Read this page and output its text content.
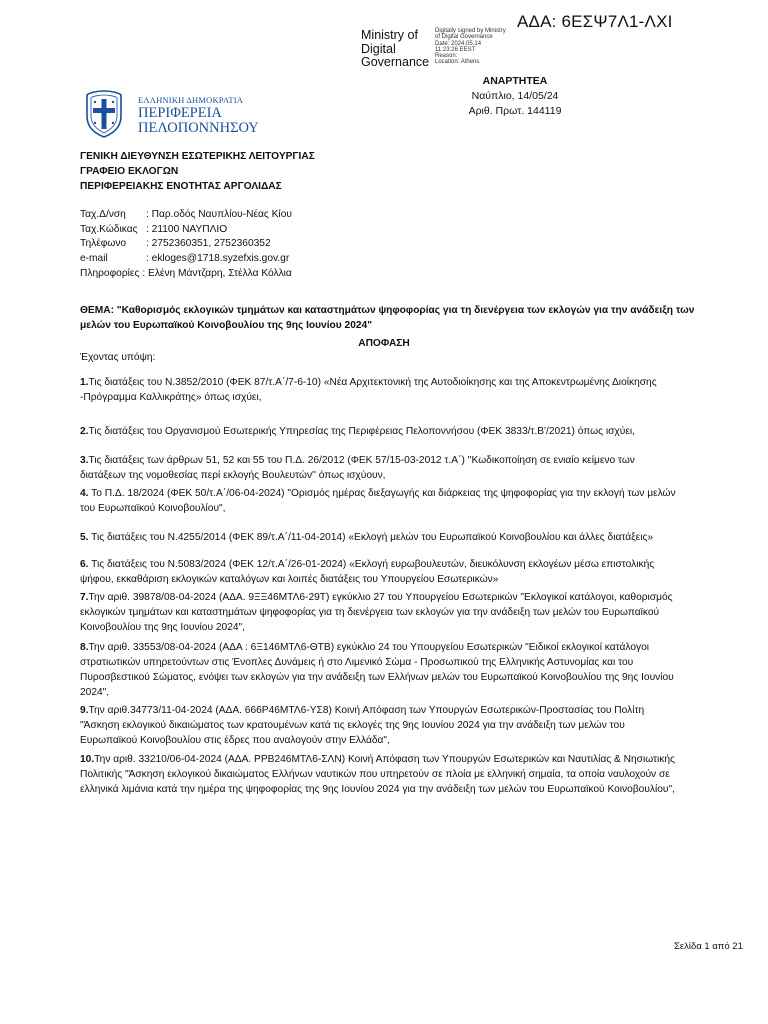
ΑΔΑ: 6ΕΣΨ7Λ1-ΛΧΙ
Ministry of
Digital
Governance
Digitally signed by Ministry
of Digital Governance
Date: 2024.05.14
11:23:26 EEST
Reason:
Location: Athens
ΑΝΑΡΤΗΤΕΑ
Ναύπλιο, 14/05/24
Αριθ. Πρωτ. 144119
ΕΛΛΗΝΙΚΗ ΔΗΜΟΚΡΑΤΙΑ
ΠΕΡΙΦΕΡΕΙΑ
ΠΕΛΟΠΟΝΝΗΣΟΥ
ΓΕΝΙΚΗ ΔΙΕΥΘΥΝΣΗ ΕΣΩΤΕΡΙΚΗΣ ΛΕΙΤΟΥΡΓΙΑΣ
ΓΡΑΦΕΙΟ ΕΚΛΟΓΩΝ
ΠΕΡΙΦΕΡΕΙΑΚΗΣ ΕΝΟΤΗΤΑΣ ΑΡΓΟΛΙΔΑΣ
Ταχ.Δ/νση	: Παρ.οδός Ναυπλίου-Νέας Κίου
Ταχ.Κώδικας : 21100 ΝΑΥΠΛΙΟ
Τηλέφωνο	: 2752360351, 2752360352
e-mail	: ekloges@1718.syzefxis.gov.gr
Πληροφορίες : Ελένη Μάντζαρη, Στέλλα Κόλλια
ΘΕΜΑ: "Καθορισμός εκλογικών τμημάτων και καταστημάτων ψηφοφορίας για τη διενέργεια των εκλογών για την ανάδειξη των μελών του Ευρωπαϊκού Κοινοβουλίου της 9ης Ιουνίου 2024"
ΑΠΟΦΑΣΗ
Έχοντας υπόψη:
1.Τις διατάξεις του Ν.3852/2010 (ΦΕΚ 87/τ.Α΄/7-6-10) «Νέα Αρχιτεκτονική της Αυτοδιοίκησης και της Αποκεντρωμένης Διοίκησης -Πρόγραμμα Καλλικράτης» όπως ισχύει,
2.Τις διατάξεις του Οργανισμού Εσωτερικής Υπηρεσίας της Περιφέρειας Πελοποννήσου (ΦΕΚ 3833/τ.Β'/2021) όπως ισχύει,
3.Τις διατάξεις των άρθρων 51, 52 και 55 του Π.Δ. 26/2012 (ΦΕΚ 57/15-03-2012 τ.Α΄) ''Κωδικοποίηση σε ενιαίο κείμενο των διατάξεων της νομοθεσίας περί εκλογής Βουλευτών'' όπως ισχύουν,
4. Το Π.Δ. 18/2024 (ΦΕΚ 50/τ.Α΄/06-04-2024) "Ορισμός ημέρας διεξαγωγής και διάρκειας της ψηφοφορίας για την εκλογή των μελών του Ευρωπαϊκού Κοινοβουλίου",
5. Τις διατάξεις του Ν.4255/2014 (ΦΕΚ 89/τ.Α΄/11-04-2014) «Εκλογή μελών του Ευρωπαϊκού Κοινοβουλίου και άλλες διατάξεις»
6. Τις διατάξεις του Ν.5083/2024 (ΦΕΚ 12/τ.Α΄/26-01-2024) «Εκλογή ευρωβουλευτών, διευκόλυνση εκλογέων μέσω επιστολικής ψήφου, εκκαθάριση εκλογικών καταλόγων και λοιπές διατάξεις του Υπουργείου Εσωτερικών»
7.Την αριθ. 39878/08-04-2024 (ΑΔΑ. 9ΞΞ46ΜΤΛ6-29Τ) εγκύκλιο 27 του Υπουργείου Εσωτερικών "Εκλογικοί κατάλογοι, καθορισμός εκλογικών τμημάτων και καταστημάτων ψηφοφορίας για τη διενέργεια των εκλογών για την ανάδειξη των μελών του Ευρωπαϊκού Κοινοβουλίου της 9ης Ιουνίου 2024",
8.Την αριθ. 33553/08-04-2024 (ΑΔΑ : 6Ξ146ΜΤΛ6-ΘΤΒ) εγκύκλιο 24 του Υπουργείου Εσωτερικών "Ειδικοί εκλογικοί κατάλογοι στρατιωτικών υπηρετούντων στις Ένοπλες Δυνάμεις ή στο Λιμενικό Σώμα - Προσωπικού της Ελληνικής Αστυνομίας και του Πυροσβεστικού Σώματος, ενόψει των εκλογών για την ανάδειξη των Ελλήνων μελών του Ευρωπαϊκού Κοινοβουλίου της 9ης Ιουνίου 2024",
9.Την αριθ.34773/11-04-2024 (ΑΔΑ. 666Ρ46ΜΤΛ6-ΥΣ8) Κοινή Απόφαση των Υπουργών Εσωτερικών-Προστασίας του Πολίτη "Άσκηση εκλογικού δικαιώματος των κρατουμένων κατά τις εκλογές της 9ης Ιουνίου 2024 για την ανάδειξη των μελών του Ευρωπαϊκού Κοινοβουλίου στις έδρες που αναλογούν στην Ελλάδα",
10.Την αριθ. 33210/06-04-2024 (ΑΔΑ. ΡΡΒ246ΜΤΛ6-ΣΛΝ) Κοινή Απόφαση των Υπουργών Εσωτερικών και Ναυτιλίας & Νησιωτικής Πολιτικής "Άσκηση εκλογικού δικαιώματος Ελλήνων ναυτικών που υπηρετούν σε πλοία με ελληνική σημαία, τα οποία ναυλοχούν σε ελληνικά λιμάνια κατά την ημέρα της ψηφοφορίας της 9ης Ιουνίου 2024 για την ανάδειξη των μελών του Ευρωπαϊκού Κοινοβουλίου",
Σελίδα 1 από 21
